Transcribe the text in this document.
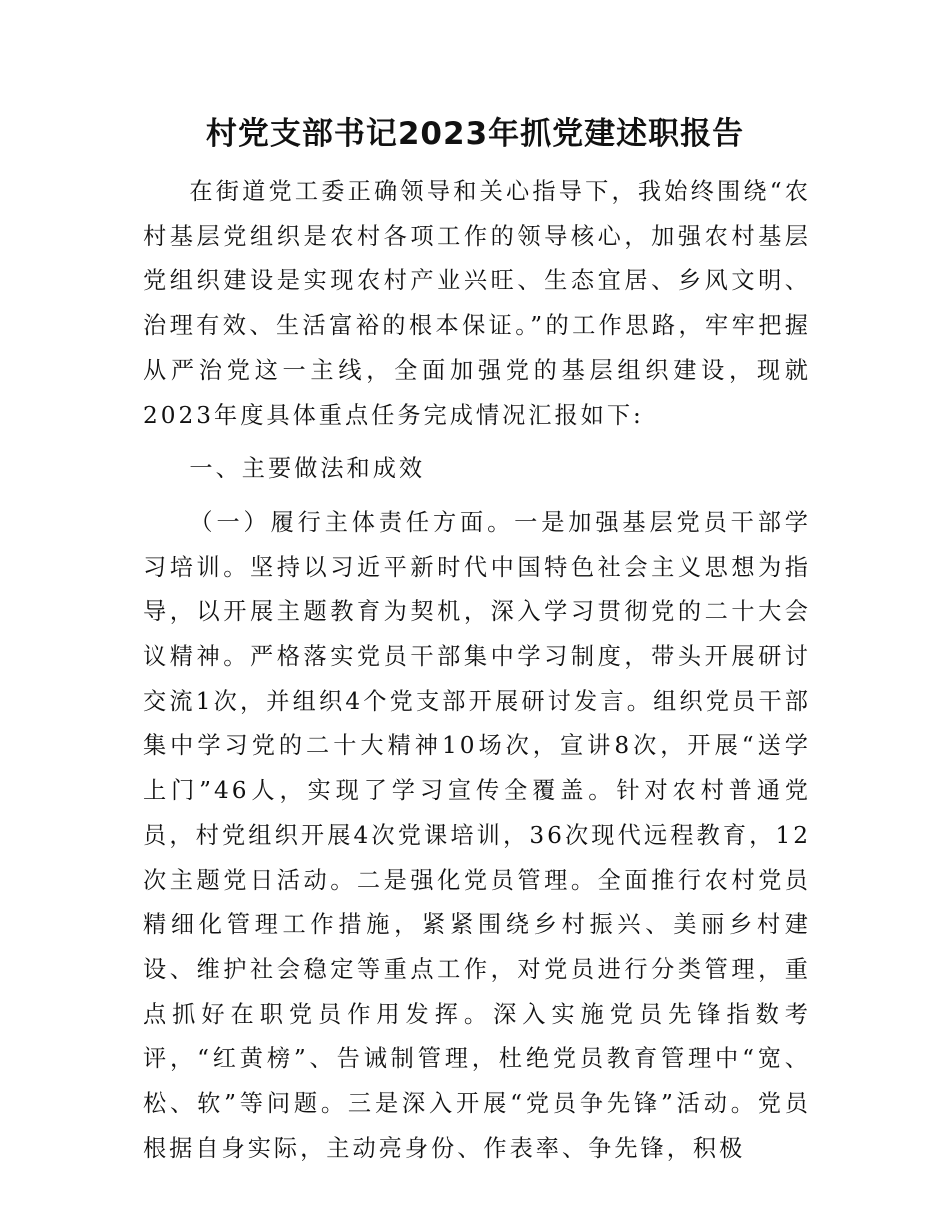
村党支部书记2023年抓党建述职报告

在街道党工委正确领导和关心指导下，我始终围绕“农村基层党组织是农村各项工作的领导核心，加强农村基层党组织建设是实现农村产业兴旺、生态宜居、乡风文明、治理有效、生活富裕的根本保证。”的工作思路，牢牢把握从严治党这一主线，全面加强党的基层组织建设，现就2023年度具体重点任务完成情况汇报如下:

一、主要做法和成效

（一）履行主体责任方面。一是加强基层党员干部学习培训。坚持以习近平新时代中国特色社会主义思想为指导，以开展主题教育为契机，深入学习贯彻党的二十大会议精神。严格落实党员干部集中学习制度，带头开展研讨交流1次，并组织4个党支部开展研讨发言。组织党员干部集中学习党的二十大精神10场次，宣讲8次，开展“送学上门”46人，实现了学习宣传全覆盖。针对农村普通党员，村党组织开展4次党课培训，36次现代远程教育，12次主题党日活动。二是强化党员管理。全面推行农村党员精细化管理工作措施，紧紧围绕乡村振兴、美丽乡村建设、维护社会稳定等重点工作，对党员进行分类管理，重点抓好在职党员作用发挥。深入实施党员先锋指数考评，“红黄榜”、告诫制管理，杜绝党员教育管理中“宽、松、软”等问题。三是深入开展“党员争先锋”活动。党员根据自身实际，主动亮身份、作表率、争先锋，积极
